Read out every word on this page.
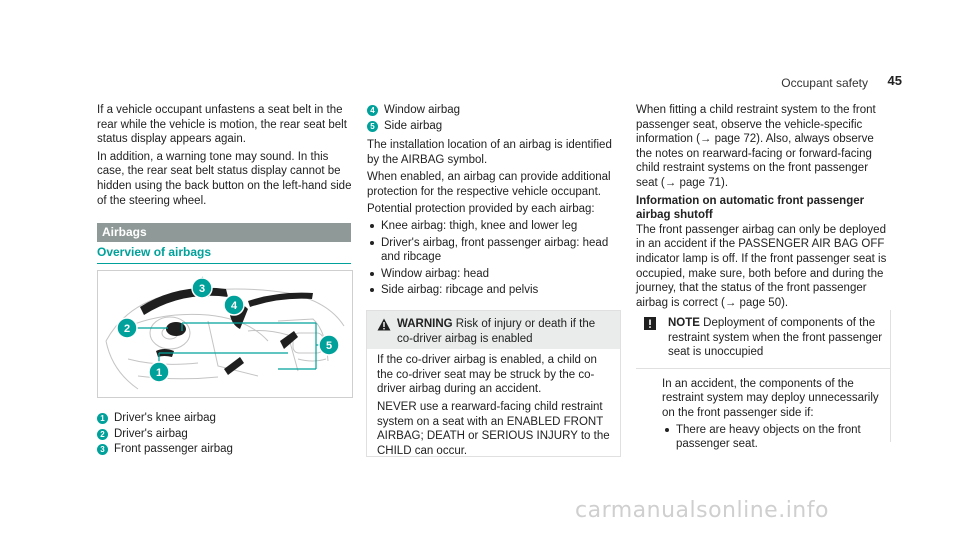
Occupant safety 45

If a vehicle occupant unfastens a seat belt in the rear while the vehicle is motion, the rear seat belt status display appears again.

In addition, a warning tone may sound. In this case, the rear seat belt status display cannot be hidden using the back button on the left-hand side of the steering wheel.

Airbags
Overview of airbags
3
4
2
1
5
1 Driver's knee airbag
2 Driver's airbag
3 Front passenger airbag
4 Window airbag
5 Side airbag

The installation location of an airbag is identified by the AIRBAG symbol.

When enabled, an airbag can provide additional protection for the respective vehicle occupant.

Potential protection provided by each airbag:

Knee airbag: thigh, knee and lower leg
Driver's airbag, front passenger airbag: head and ribcage
Window airbag: head
Side airbag: ribcage and pelvis
WARNING Risk of injury or death if the co-driver airbag is enabled

If the co-driver airbag is enabled, a child on the co-driver seat may be struck by the co-driver airbag during an accident.

NEVER use a rearward-facing child restraint system on a seat with an ENABLED FRONT AIRBAG; DEATH or SERIOUS INJURY to the CHILD can occur.

When fitting a child restraint system to the front passenger seat, observe the vehicle-specific information (→ page 72). Also, always observe the notes on rearward-facing or forward-facing child restraint systems on the front passenger seat (→ page 71).

Information on automatic front passenger airbag shutoff

The front passenger airbag can only be deployed in an accident if the PASSENGER AIR BAG OFF indicator lamp is off. If the front passenger seat is occupied, make sure, both before and during the journey, that the status of the front passenger airbag is correct (→ page 50).

NOTE Deployment of components of the restraint system when the front passenger seat is unoccupied

In an accident, the components of the restraint system may deploy unnecessarily on the front passenger side if:

There are heavy objects on the front passenger seat.
carmanualsonline.info
